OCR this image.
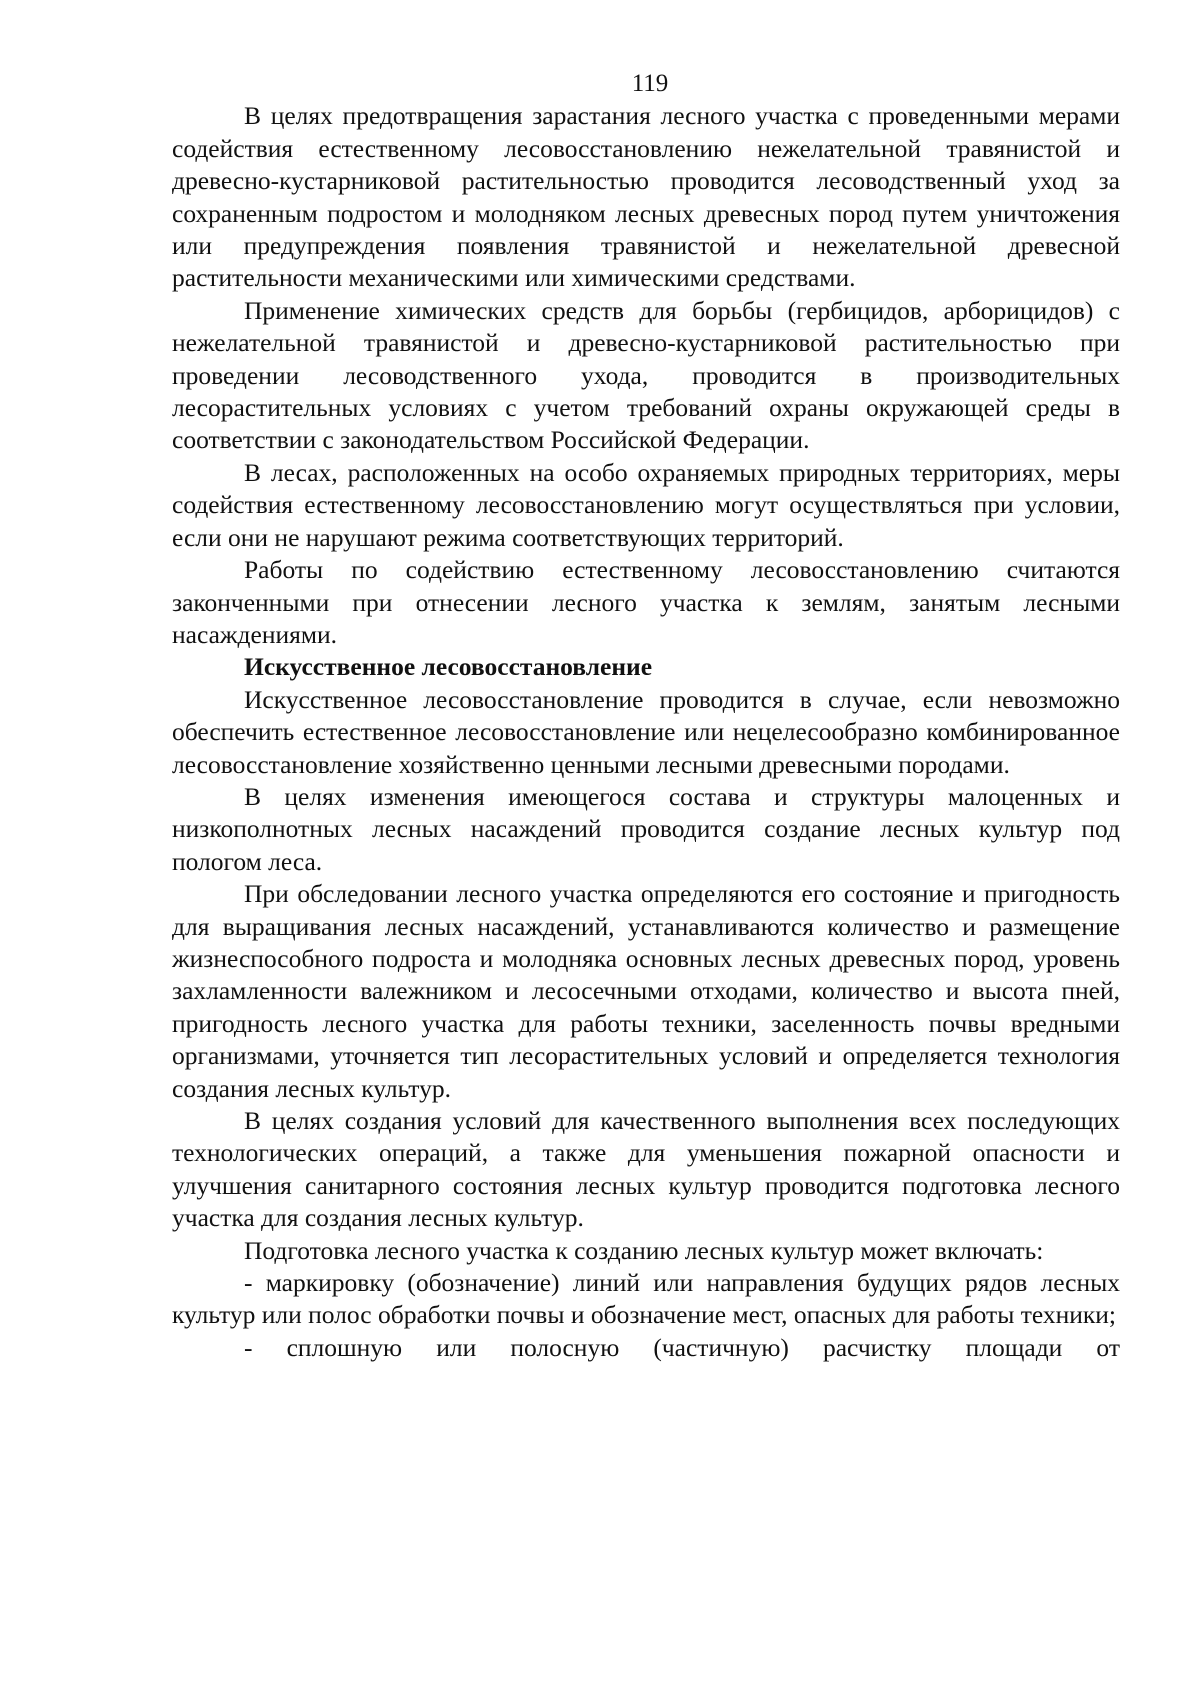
119

В целях предотвращения зарастания лесного участка с проведенными мерами содействия естественному лесовосстановлению нежелательной травянистой и древесно-кустарниковой растительностью проводится лесоводственный уход за сохраненным подростом и молодняком лесных древесных пород путем уничтожения или предупреждения появления травянистой и нежелательной древесной растительности механическими или химическими средствами.

Применение химических средств для борьбы (гербицидов, арборицидов) с нежелательной травянистой и древесно-кустарниковой растительностью при проведении лесоводственного ухода, проводится в производительных лесорастительных условиях с учетом требований охраны окружающей среды в соответствии с законодательством Российской Федерации.

В лесах, расположенных на особо охраняемых природных территориях, меры содействия естественному лесовосстановлению могут осуществляться при условии, если они не нарушают режима соответствующих территорий.

Работы по содействию естественному лесовосстановлению считаются законченными при отнесении лесного участка к землям, занятым лесными насаждениями.

Искусственное лесовосстановление

Искусственное лесовосстановление проводится в случае, если невозможно обеспечить естественное лесовосстановление или нецелесообразно комбинированное лесовосстановление хозяйственно ценными лесными древесными породами.

В целях изменения имеющегося состава и структуры малоценных и низкополнотных лесных насаждений проводится создание лесных культур под пологом леса.

При обследовании лесного участка определяются его состояние и пригодность для выращивания лесных насаждений, устанавливаются количество и размещение жизнеспособного подроста и молодняка основных лесных древесных пород, уровень захламленности валежником и лесосечными отходами, количество и высота пней, пригодность лесного участка для работы техники, заселенность почвы вредными организмами, уточняется тип лесорастительных условий и определяется технология создания лесных культур.

В целях создания условий для качественного выполнения всех последующих технологических операций, а также для уменьшения пожарной опасности и улучшения санитарного состояния лесных культур проводится подготовка лесного участка для создания лесных культур.

Подготовка лесного участка к созданию лесных культур может включать:

- маркировку (обозначение) линий или направления будущих рядов лесных культур или полос обработки почвы и обозначение мест, опасных для работы техники;

- сплошную или полосную (частичную) расчистку площади от
